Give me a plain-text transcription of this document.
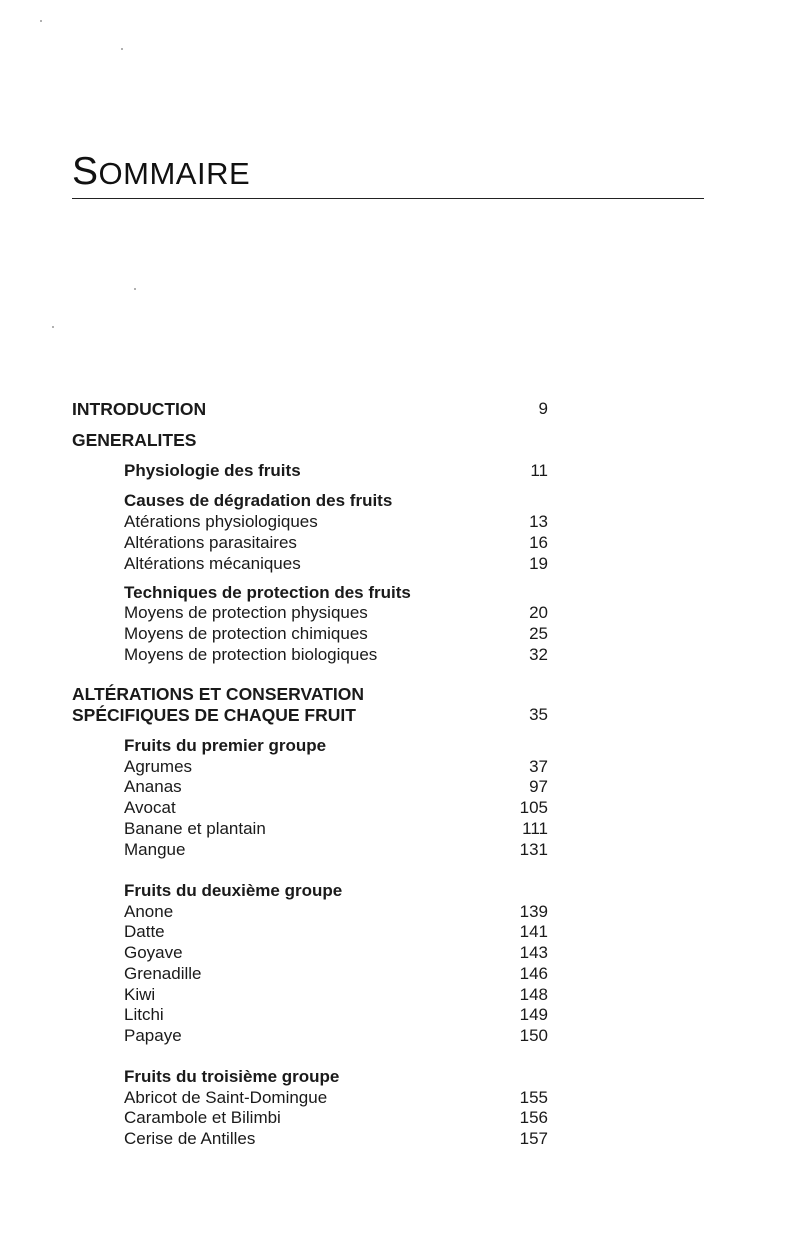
SOMMAIRE
INTRODUCTION	9
GENERALITES
Physiologie des fruits	11
Causes de dégradation des fruits
Atérations physiologiques	13
Altérations parasitaires	16
Altérations mécaniques	19
Techniques de protection des fruits
Moyens de protection physiques	20
Moyens de protection chimiques	25
Moyens de protection biologiques	32
ALTÉRATIONS ET CONSERVATION
SPÉCIFIQUES DE CHAQUE FRUIT	35
Fruits du premier groupe
Agrumes	37
Ananas	97
Avocat	105
Banane et plantain	111
Mangue	131
Fruits du deuxième groupe
Anone	139
Datte	141
Goyave	143
Grenadille	146
Kiwi	148
Litchi	149
Papaye	150
Fruits du troisième groupe
Abricot de Saint-Domingue	155
Carambole et Bilimbi	156
Cerise de Antilles	157
